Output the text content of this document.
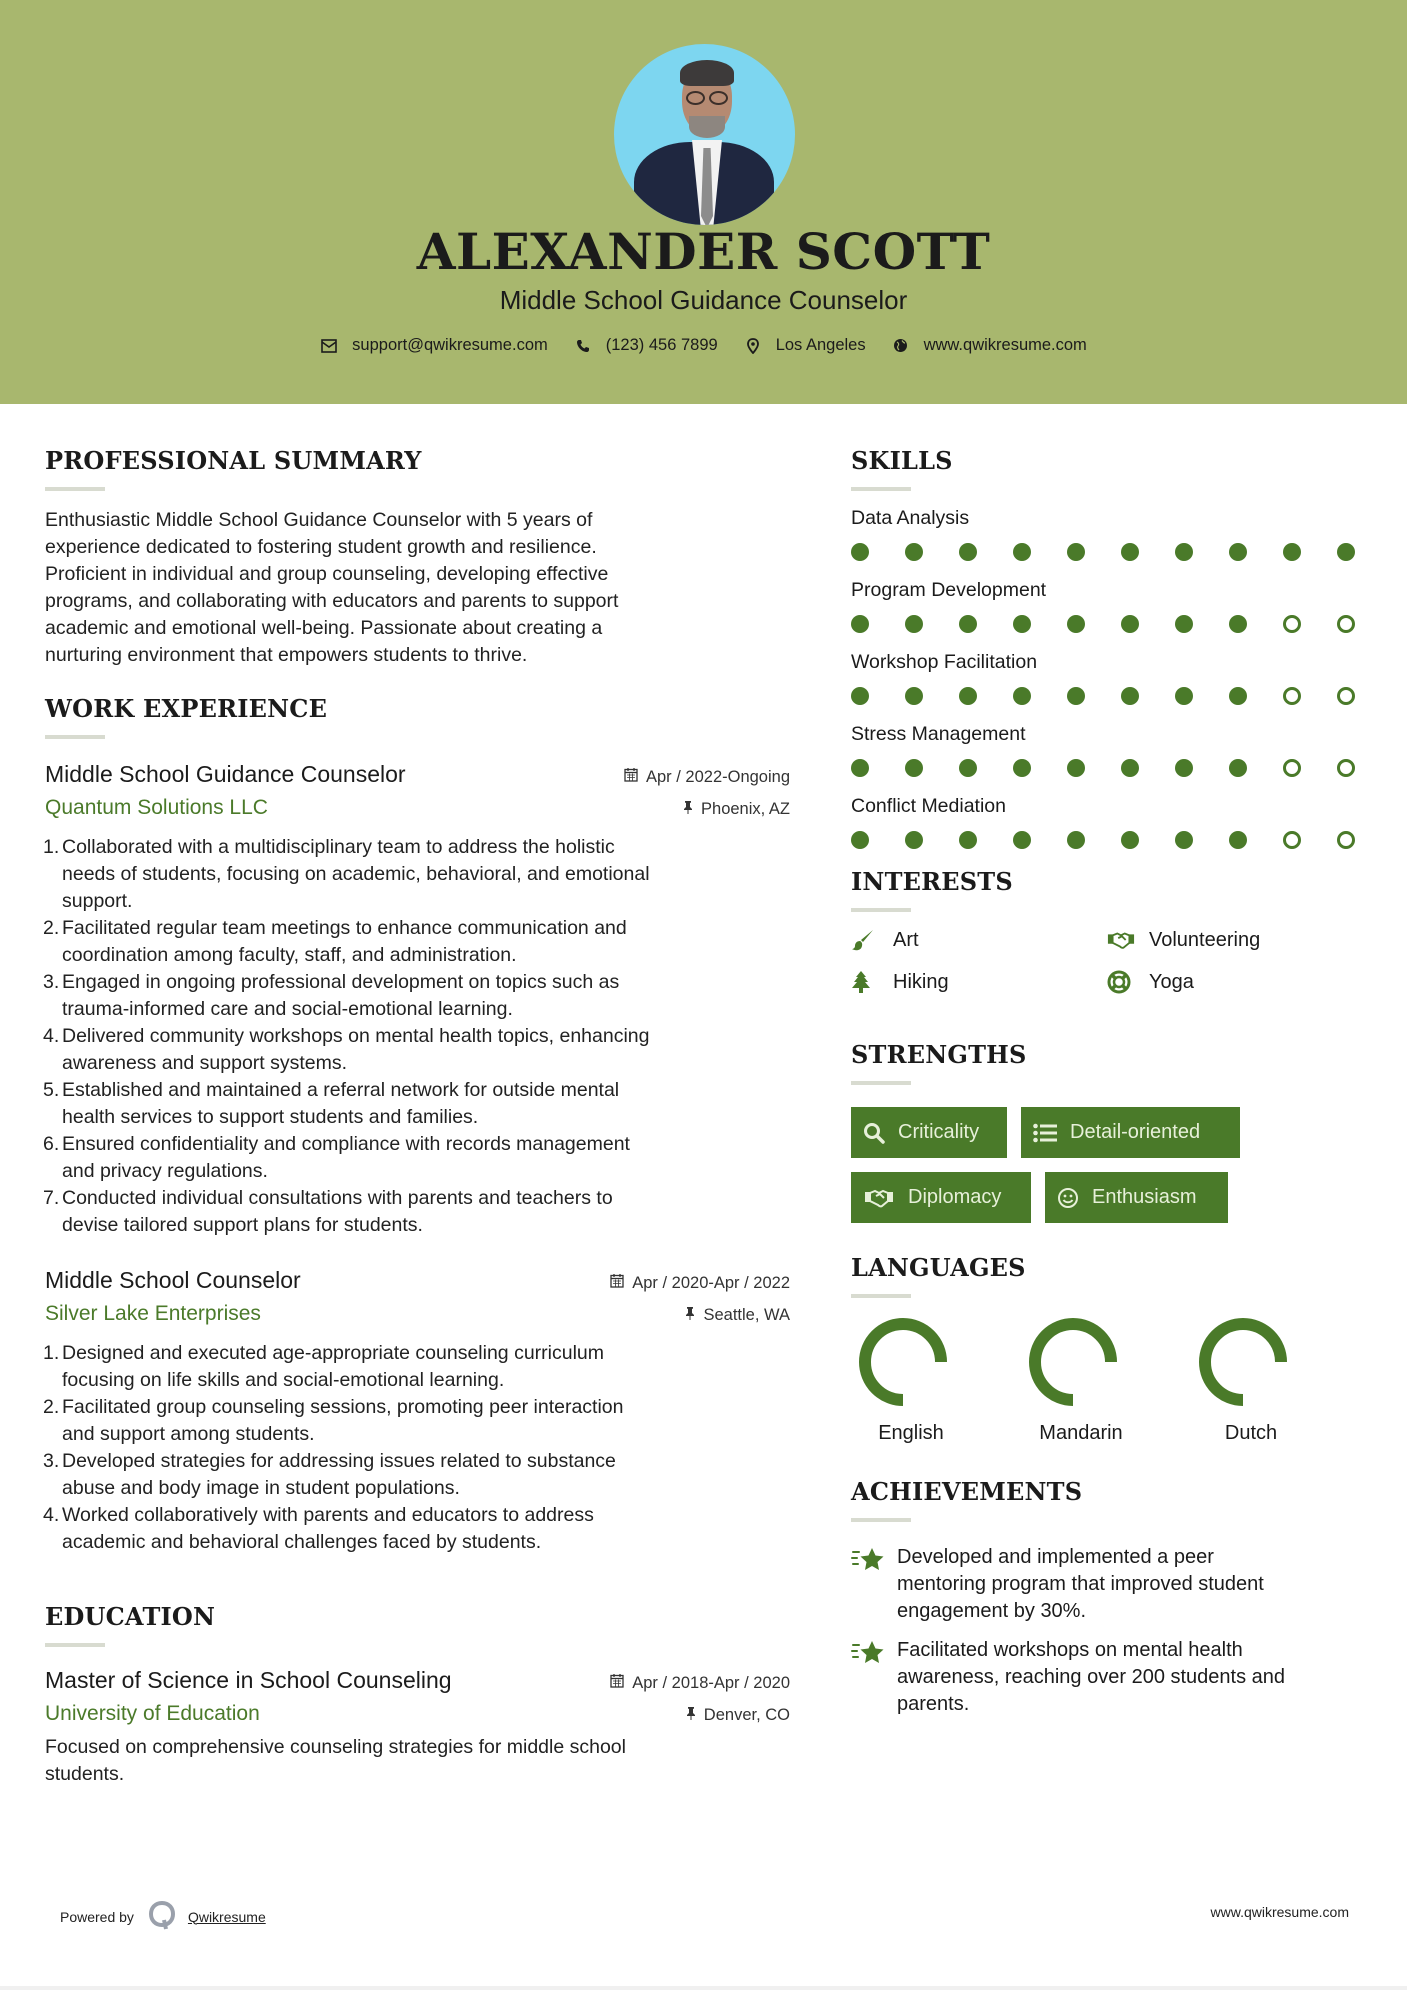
ALEXANDER SCOTT
Middle School Guidance Counselor
support@qwikresume.com	(123) 456 7899	Los Angeles	www.qwikresume.com
PROFESSIONAL SUMMARY
Enthusiastic Middle School Guidance Counselor with 5 years of
experience dedicated to fostering student growth and resilience.
Proficient in individual and group counseling, developing effective
programs, and collaborating with educators and parents to support
academic and emotional well-being. Passionate about creating a
nurturing environment that empowers students to thrive.
WORK EXPERIENCE
Middle School Guidance Counselor	Apr / 2022-Ongoing
Quantum Solutions LLC	Phoenix, AZ
1. Collaborated with a multidisciplinary team to address the holistic
needs of students, focusing on academic, behavioral, and emotional
support.
2. Facilitated regular team meetings to enhance communication and
coordination among faculty, staff, and administration.
3. Engaged in ongoing professional development on topics such as
trauma-informed care and social-emotional learning.
4. Delivered community workshops on mental health topics, enhancing
awareness and support systems.
5. Established and maintained a referral network for outside mental
health services to support students and families.
6. Ensured confidentiality and compliance with records management
and privacy regulations.
7. Conducted individual consultations with parents and teachers to
devise tailored support plans for students.
Middle School Counselor	Apr / 2020-Apr / 2022
Silver Lake Enterprises	Seattle, WA
1. Designed and executed age-appropriate counseling curriculum
focusing on life skills and social-emotional learning.
2. Facilitated group counseling sessions, promoting peer interaction
and support among students.
3. Developed strategies for addressing issues related to substance
abuse and body image in student populations.
4. Worked collaboratively with parents and educators to address
academic and behavioral challenges faced by students.
EDUCATION
Master of Science in School Counseling	Apr / 2018-Apr / 2020
University of Education	Denver, CO
Focused on comprehensive counseling strategies for middle school
students.
SKILLS
Data Analysis
Program Development
Workshop Facilitation
Stress Management
Conflict Mediation
INTERESTS
Art	Volunteering
Hiking	Yoga
STRENGTHS
Criticality	Detail-oriented
Diplomacy	Enthusiasm
LANGUAGES
English	Mandarin	Dutch
ACHIEVEMENTS
Developed and implemented a peer
mentoring program that improved student
engagement by 30%.
Facilitated workshops on mental health
awareness, reaching over 200 students and
parents.
Powered by	Qwikresume	www.qwikresume.com
